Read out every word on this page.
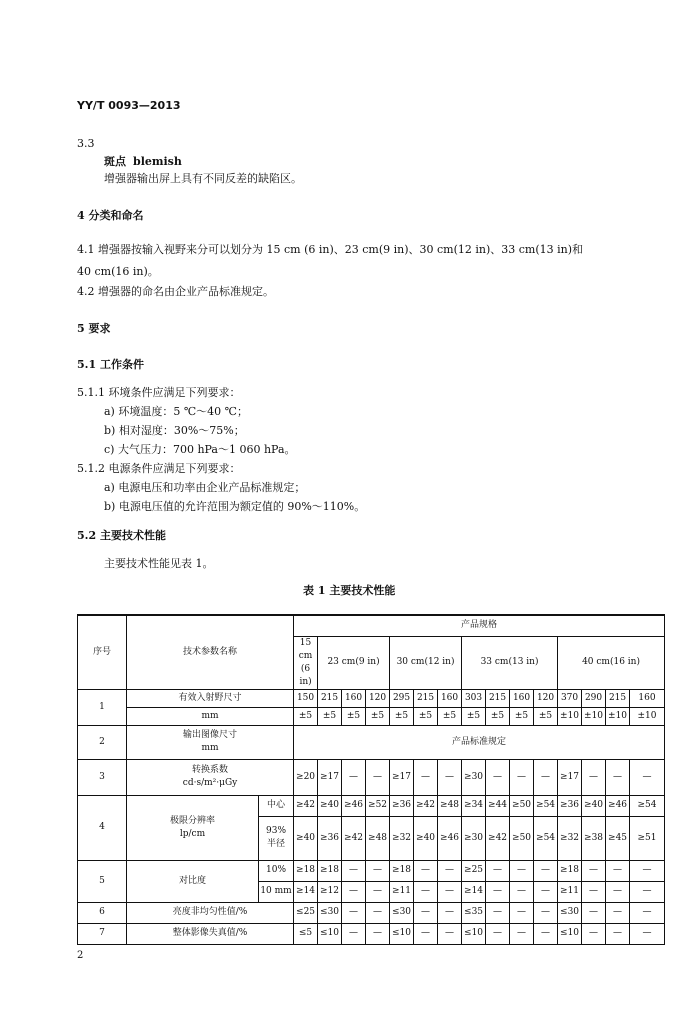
YY/T 0093—2013
3.3
斑点 blemish
增强器输出屏上具有不同反差的缺陷区。
4 分类和命名
4.1 增强器按输入视野来分可以划分为 15 cm (6 in)、23 cm(9 in)、30 cm(12 in)、33 cm(13 in)和
40 cm(16 in)。
4.2 增强器的命名由企业产品标准规定。
5 要求
5.1 工作条件
5.1.1 环境条件应满足下列要求：
a) 环境温度：5 ℃～40 ℃；
b) 相对湿度：30%～75%；
c) 大气压力：700 hPa～1 060 hPa。
5.1.2 电源条件应满足下列要求：
a) 电源电压和功率由企业产品标准规定；
b) 电源电压值的允许范围为额定值的 90%～110%。
5.2 主要技术性能
主要技术性能见表 1。
表 1 主要技术性能
序号	技术参数名称		产品规格														
			15 cm
(6 in)	23 cm(9 in)			30 cm(12 in)			33 cm(13 in)				40 cm(16 in)			
1	有效入射野尺寸		150	215	160	120	295	215	160	303	215	160	120	370	290	215	160
	mm		±5	±5	±5	±5	±5	±5	±5	±5	±5	±5	±5	±10	±10	±10	±10
2	输出图像尺寸
mm		产品标准规定														
3	转换系数
cd·s/m²·μGy		≥20	≥17	—	—	≥17	—	—	≥30	—	—	—	≥17	—	—	—
4	极限分辨率
lp/cm	中心	≥42	≥40	≥46	≥52	≥36	≥42	≥48	≥34	≥44	≥50	≥54	≥36	≥40	≥46	≥54
		93%
半径	≥40	≥36	≥42	≥48	≥32	≥40	≥46	≥30	≥42	≥50	≥54	≥32	≥38	≥45	≥51
5	对比度	10%	≥18	≥18	—	—	≥18	—	—	≥25	—	—	—	≥18	—	—	—
		10 mm	≥14	≥12	—	—	≥11	—	—	≥14	—	—	—	≥11	—	—	—
6	亮度非均匀性值/%		≤25	≤30	—	—	≤30	—	—	≤35	—	—	—	≤30	—	—	—
7	整体影像失真值/%		≤5	≤10	—	—	≤10	—	—	≤10	—	—	—	≤10	—	—	—
2
